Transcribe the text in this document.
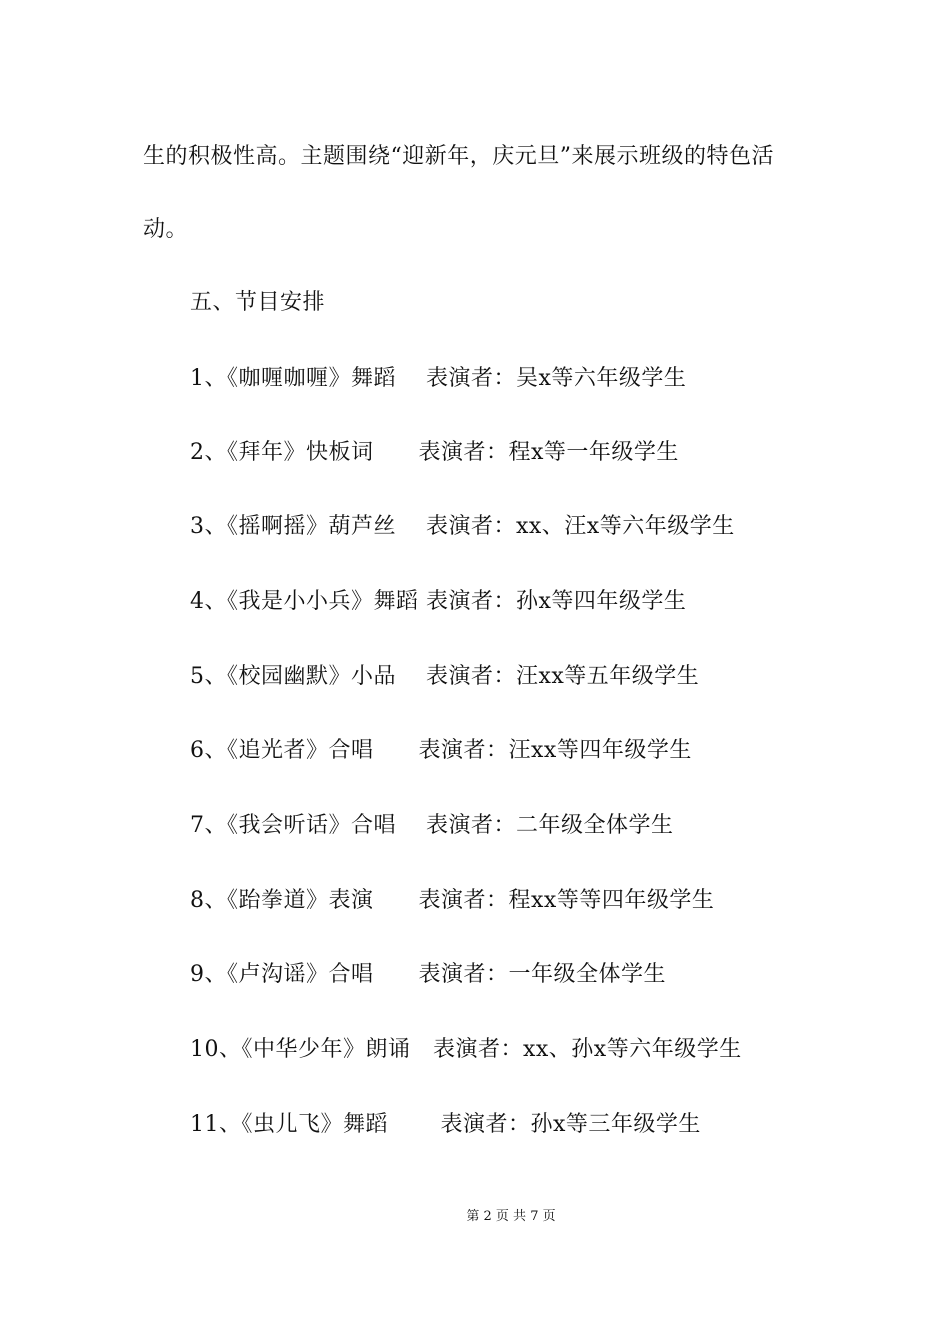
生的积极性高。主题围绕“迎新年，庆元旦”来展示班级的特色活
动。
五、节目安排
1、《咖喱咖喱》舞蹈　 表演者：吴x等六年级学生
2、《拜年》快板词　　表演者：程x等一年级学生
3、《摇啊摇》葫芦丝　 表演者：xx、汪x等六年级学生
4、《我是小小兵》舞蹈 表演者：孙x等四年级学生
5、《校园幽默》小品　 表演者：汪xx等五年级学生
6、《追光者》合唱　　表演者：汪xx等四年级学生
7、《我会听话》合唱　 表演者：二年级全体学生
8、《跆拳道》表演　　表演者：程xx等等四年级学生
9、《卢沟谣》合唱　　表演者：一年级全体学生
10、《中华少年》朗诵　表演者：xx、孙x等六年级学生
11、《虫儿飞》舞蹈　　 表演者：孙x等三年级学生
第 2 页 共 7 页
